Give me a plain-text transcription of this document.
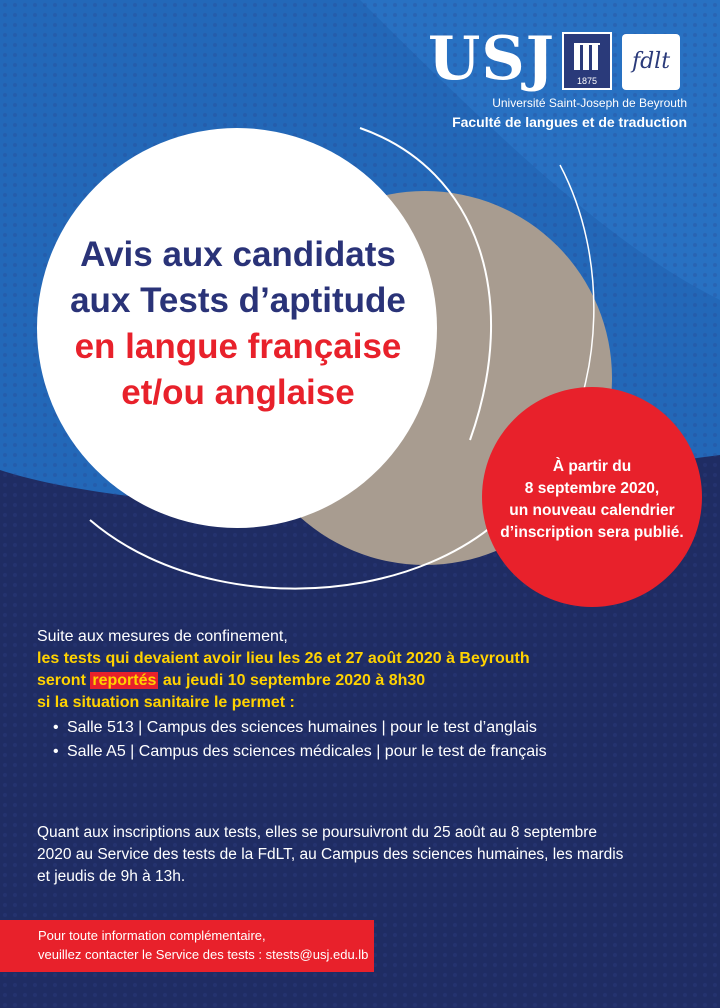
USJ	1875
fdlt
Université Saint-Joseph de Beyrouth
Faculté de langues et de traduction
Avis aux candidats
aux Tests d’aptitude
en langue française
et/ou anglaise
À partir du
8 septembre 2020,
un nouveau calendrier
d’inscription sera publié.
Suite aux mesures de confinement,
les tests qui devaient avoir lieu les 26 et 27 août 2020 à Beyrouth
seront reportés au jeudi 10 septembre 2020 à 8h30
si la situation sanitaire le permet :
• Salle 513 | Campus des sciences humaines | pour le test d’anglais
• Salle A5 | Campus des sciences médicales | pour le test de français
Quant aux inscriptions aux tests, elles se poursuivront du 25 août au 8 septembre
2020 au Service des tests de la FdLT, au Campus des sciences humaines, les mardis
et jeudis de 9h à 13h.
Pour toute information complémentaire,
veuillez contacter le Service des tests : stests@usj.edu.lb
